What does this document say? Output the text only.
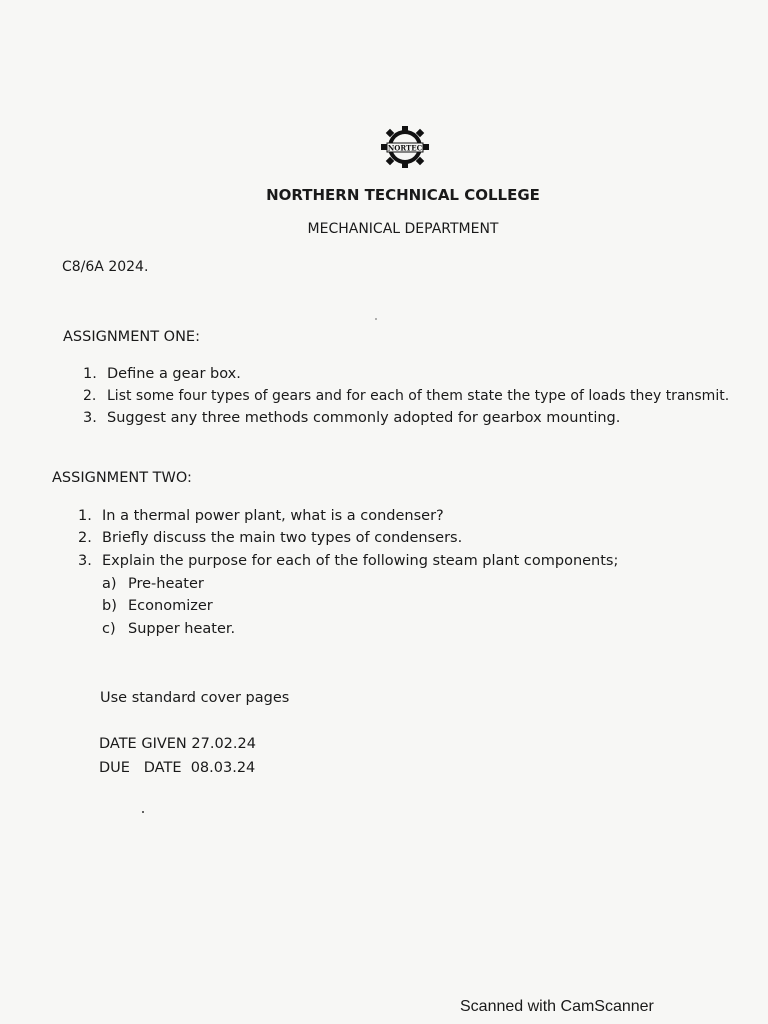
NORTEC
NORTHERN TECHNICAL COLLEGE
MECHANICAL DEPARTMENT
C8/6A 2024.
ASSIGNMENT ONE:
1. Define a gear box.
2. List some four types of gears and for each of them state the type of loads they transmit.
3. Suggest any three methods commonly adopted for gearbox mounting.
ASSIGNMENT TWO:
1. In a thermal power plant, what is a condenser?
2. Briefly discuss the main two types of condensers.
3. Explain the purpose for each of the following steam plant components;
a) Pre-heater
b) Economizer
c) Supper heater.
Use standard cover pages
DATE GIVEN 27.02.24
DUE   DATE  08.03.24
Scanned with CamScanner
